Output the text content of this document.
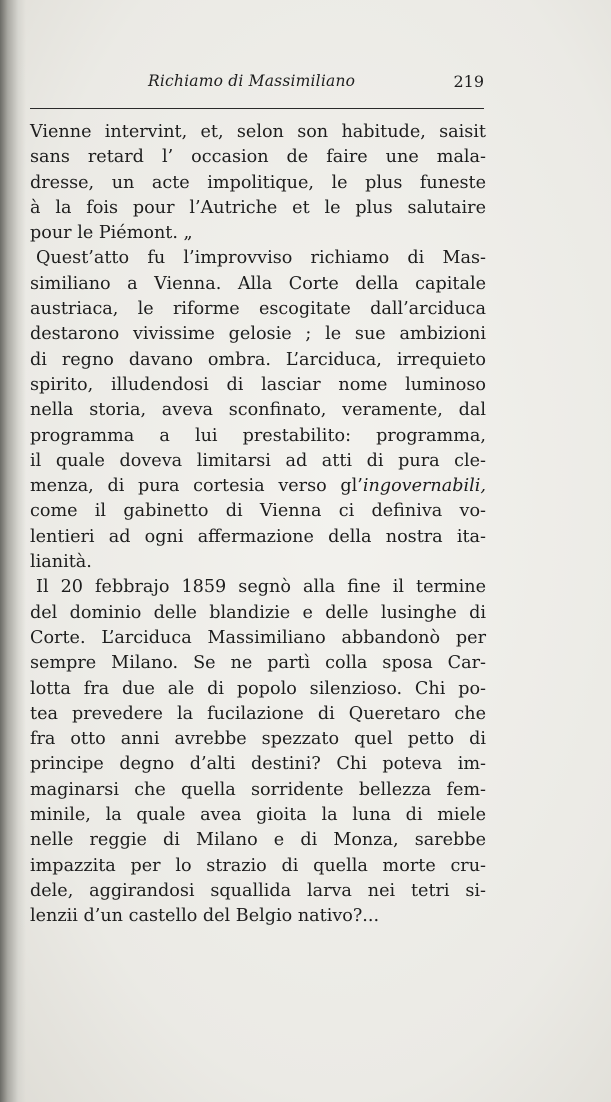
Richiamo di Massimiliano	219
Vienne intervint, et, selon son habitude, saisit
sans retard l’ occasion de faire une mala-
dresse, un acte impolitique, le plus funeste
à la fois pour l’Autriche et le plus salutaire
pour le Piémont. „
Quest’atto fu l’improvviso richiamo di Mas-
similiano a Vienna. Alla Corte della capitale
austriaca, le riforme escogitate dall’arciduca
destarono vivissime gelosie ; le sue ambizioni
di regno davano ombra. L’arciduca, irrequieto
spirito, illudendosi di lasciar nome luminoso
nella storia, aveva sconfinato, veramente, dal
programma a lui prestabilito: programma,
il quale doveva limitarsi ad atti di pura cle-
menza, di pura cortesia verso gl’ingovernabili,
come il gabinetto di Vienna ci definiva vo-
lentieri ad ogni affermazione della nostra ita-
lianità.
Il 20 febbrajo 1859 segnò alla fine il termine
del dominio delle blandizie e delle lusinghe di
Corte. L’arciduca Massimiliano abbandonò per
sempre Milano. Se ne partì colla sposa Car-
lotta fra due ale di popolo silenzioso. Chi po-
tea prevedere la fucilazione di Queretaro che
fra otto anni avrebbe spezzato quel petto di
principe degno d’alti destini? Chi poteva im-
maginarsi che quella sorridente bellezza fem-
minile, la quale avea gioita la luna di miele
nelle reggie di Milano e di Monza, sarebbe
impazzita per lo strazio di quella morte cru-
dele, aggirandosi squallida larva nei tetri si-
lenzii d’un castello del Belgio nativo?...
